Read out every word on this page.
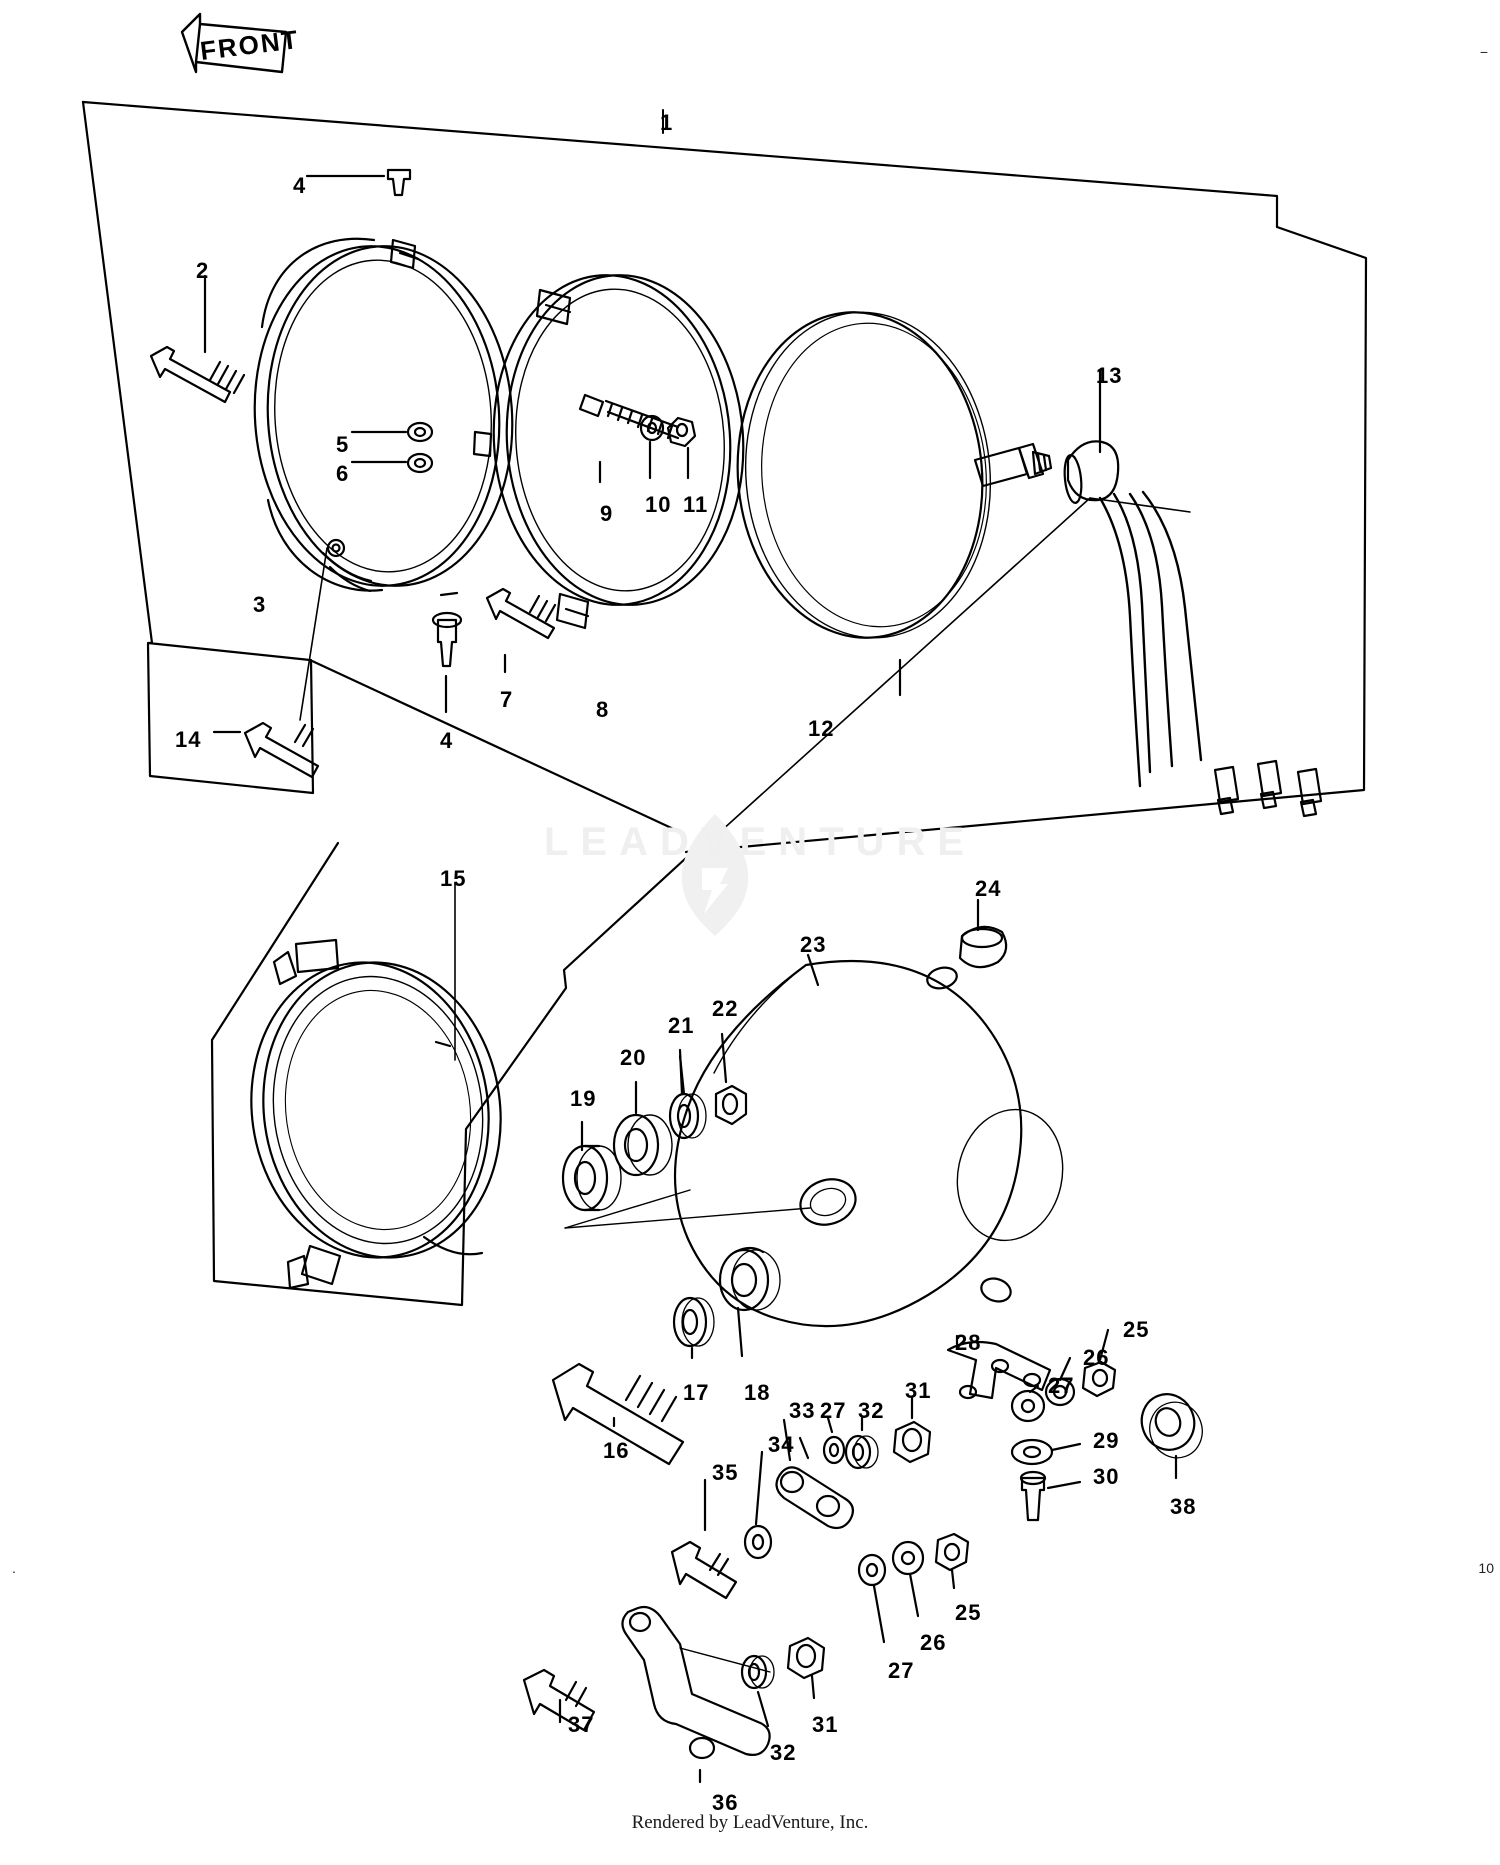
FRONT
LEADVENTURE
1
2
3
4
4
5
6
7	8
9 10 11
12
13
14
15
16
17 18
19
20
21
22
23
24
25
26
27
28
29
30
31
32
27
33
34
35
36
37	31
32
27
26
25
38
10
−
.
Rendered by LeadVenture, Inc.
